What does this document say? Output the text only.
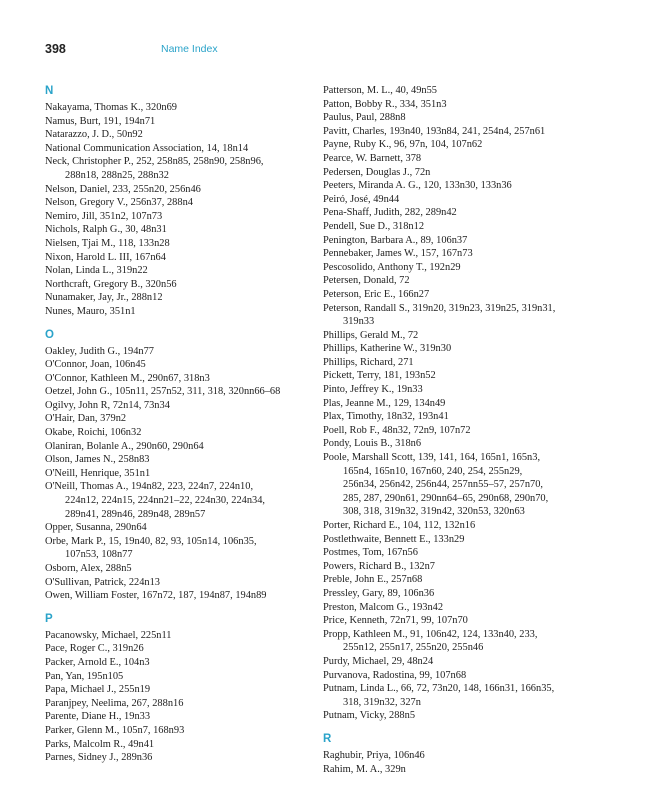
398	Name Index
N
Nakayama, Thomas K., 320n69
Namus, Burt, 191, 194n71
Natarazzo, J. D., 50n92
National Communication Association, 14, 18n14
Neck, Christopher P., 252, 258n85, 258n90, 258n96,
288n18, 288n25, 288n32
Nelson, Daniel, 233, 255n20, 256n46
Nelson, Gregory V., 256n37, 288n4
Nemiro, Jill, 351n2, 107n73
Nichols, Ralph G., 30, 48n31
Nielsen, Tjai M., 118, 133n28
Nixon, Harold L. III, 167n64
Nolan, Linda L., 319n22
Northcraft, Gregory B., 320n56
Nunamaker, Jay, Jr., 288n12
Nunes, Mauro, 351n1
O
Oakley, Judith G., 194n77
O'Connor, Joan, 106n45
O'Connor, Kathleen M., 290n67, 318n3
Oetzel, John G., 105n11, 257n52, 311, 318, 320nn66–68
Ogilvy, John R, 72n14, 73n34
O'Hair, Dan, 379n2
Okabe, Roichi, 106n32
Olaniran, Bolanle A., 290n60, 290n64
Olson, James N., 258n83
O'Neill, Henrique, 351n1
O'Neill, Thomas A., 194n82, 223, 224n7, 224n10,
224n12, 224n15, 224nn21–22, 224n30, 224n34,
289n41, 289n46, 289n48, 289n57
Opper, Susanna, 290n64
Orbe, Mark P., 15, 19n40, 82, 93, 105n14, 106n35,
107n53, 108n77
Osborn, Alex, 288n5
O'Sullivan, Patrick, 224n13
Owen, William Foster, 167n72, 187, 194n87, 194n89
P
Pacanowsky, Michael, 225n11
Pace, Roger C., 319n26
Packer, Arnold E., 104n3
Pan, Yan, 195n105
Papa, Michael J., 255n19
Paranjpey, Neelima, 267, 288n16
Parente, Diane H., 19n33
Parker, Glenn M., 105n7, 168n93
Parks, Malcolm R., 49n41
Parnes, Sidney J., 289n36
Patterson, M. L., 40, 49n55
Patton, Bobby R., 334, 351n3
Paulus, Paul, 288n8
Pavitt, Charles, 193n40, 193n84, 241, 254n4, 257n61
Payne, Ruby K., 96, 97n, 104, 107n62
Pearce, W. Barnett, 378
Pedersen, Douglas J., 72n
Peeters, Miranda A. G., 120, 133n30, 133n36
Peiró, José, 49n44
Pena-Shaff, Judith, 282, 289n42
Pendell, Sue D., 318n12
Penington, Barbara A., 89, 106n37
Pennebaker, James W., 157, 167n73
Pescosolido, Anthony T., 192n29
Petersen, Donald, 72
Peterson, Eric E., 166n27
Peterson, Randall S., 319n20, 319n23, 319n25, 319n31,
319n33
Phillips, Gerald M., 72
Phillips, Katherine W., 319n30
Phillips, Richard, 271
Pickett, Terry, 181, 193n52
Pinto, Jeffrey K., 19n33
Plas, Jeanne M., 129, 134n49
Plax, Timothy, 18n32, 193n41
Poell, Rob F., 48n32, 72n9, 107n72
Pondy, Louis B., 318n6
Poole, Marshall Scott, 139, 141, 164, 165n1, 165n3,
165n4, 165n10, 167n60, 240, 254, 255n29,
256n34, 256n42, 256n44, 257nn55–57, 257n70,
285, 287, 290n61, 290nn64–65, 290n68, 290n70,
308, 318, 319n32, 319n42, 320n53, 320n63
Porter, Richard E., 104, 112, 132n16
Postlethwaite, Bennett E., 133n29
Postmes, Tom, 167n56
Powers, Richard B., 132n7
Preble, John E., 257n68
Pressley, Gary, 89, 106n36
Preston, Malcom G., 193n42
Price, Kenneth, 72n71, 99, 107n70
Propp, Kathleen M., 91, 106n42, 124, 133n40, 233,
255n12, 255n17, 255n20, 255n46
Purdy, Michael, 29, 48n24
Purvanova, Radostina, 99, 107n68
Putnam, Linda L., 66, 72, 73n20, 148, 166n31, 166n35,
318, 319n32, 327n
Putnam, Vicky, 288n5
R
Raghubir, Priya, 106n46
Rahim, M. A., 329n
